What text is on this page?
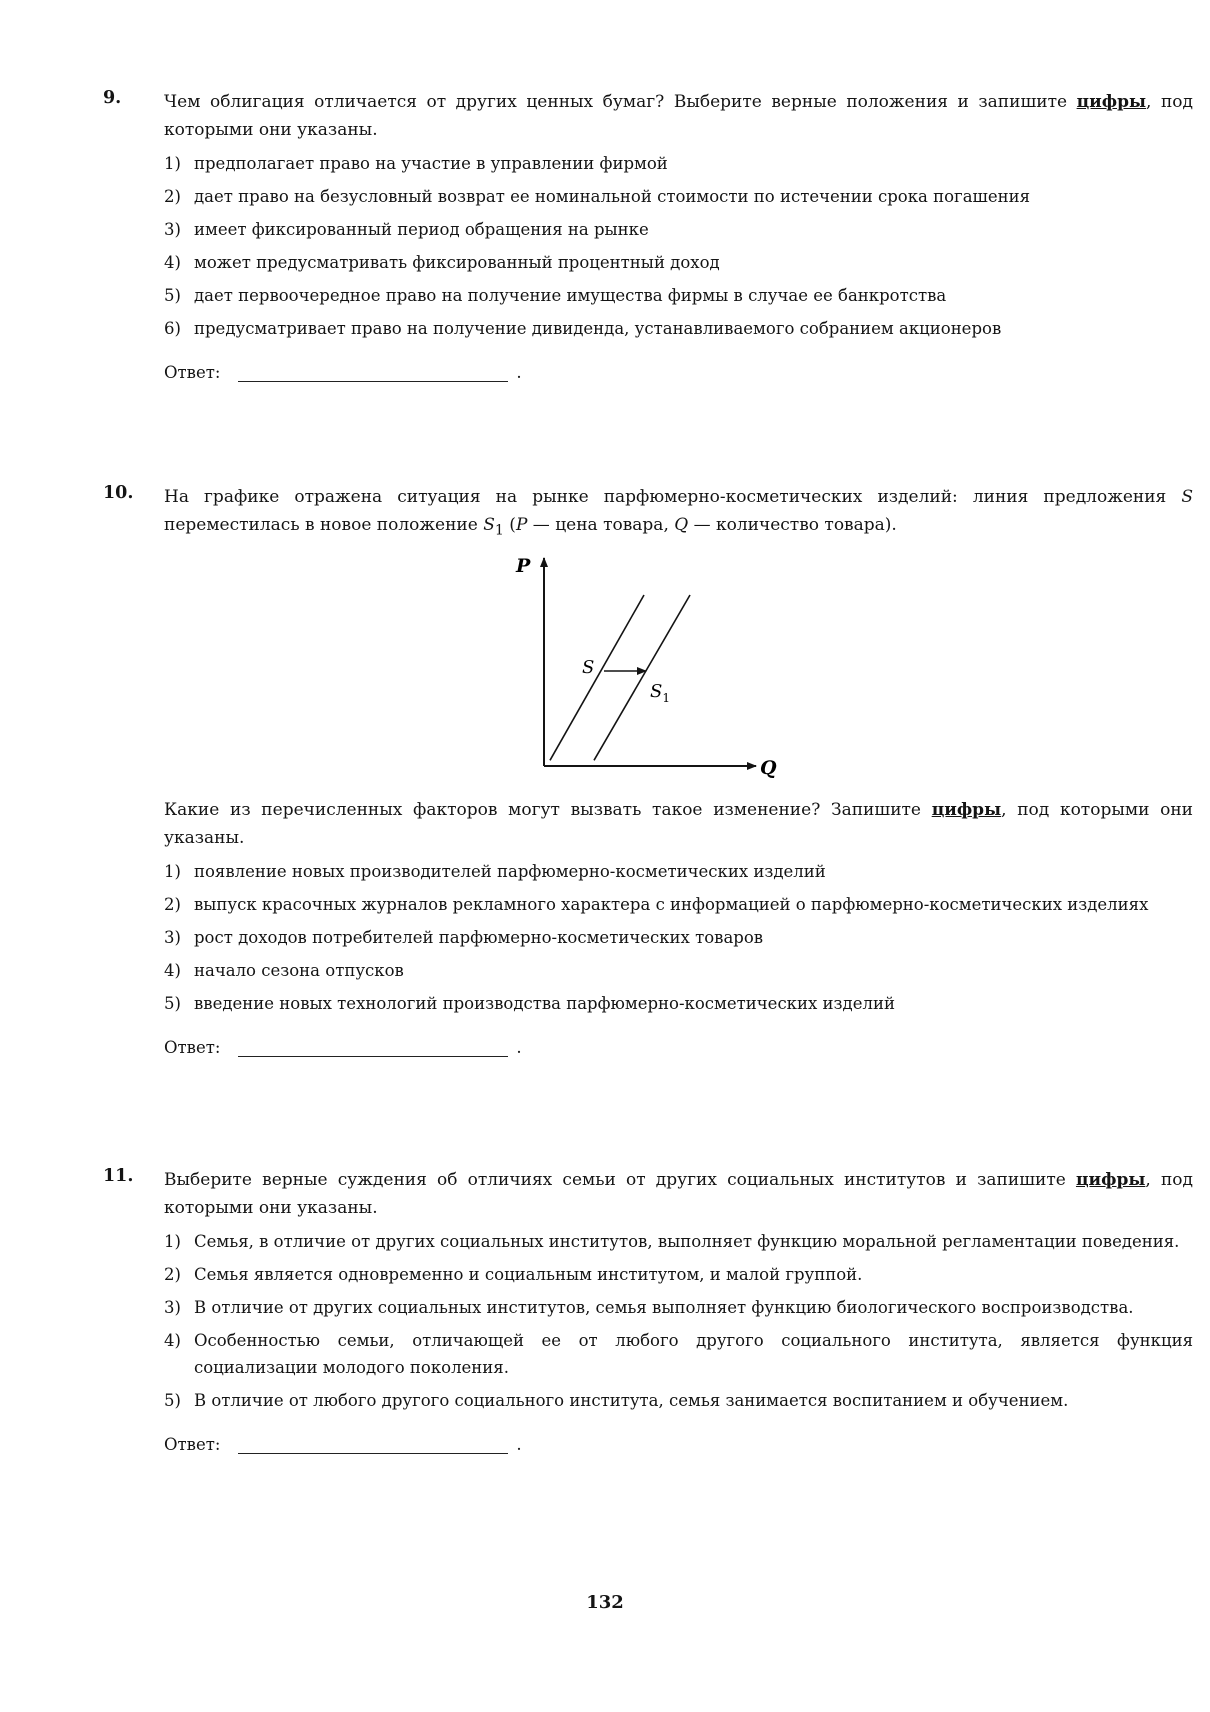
9.	Чем облигация отличается от других ценных бумаг? Выберите верные положения и запишите цифры, под которыми они указаны.
1) предполагает право на участие в управлении фирмой
2) дает право на безусловный возврат ее номинальной стоимости по истечении срока погашения
3) имеет фиксированный период обращения на рынке
4) может предусматривать фиксированный процентный доход
5) дает первоочередное право на получение имущества фирмы в случае ее банкротства
6) предусматривает право на получение дивиденда, устанавливаемого собранием акционеров
Ответ:	.
10. На графике отражена ситуация на рынке парфюмерно-косметических изделий: линия предложения S переместилась в новое положение $S_1$ (P — цена товара, Q — количество товара).
P
Q
S
$S_1$
Какие из перечисленных факторов могут вызвать такое изменение? Запишите цифры, под которыми они указаны.
1) появление новых производителей парфюмерно-косметических изделий
2) выпуск красочных журналов рекламного характера с информацией о парфюмерно-косметических изделиях
3) рост доходов потребителей парфюмерно-косметических товаров
4) начало сезона отпусков
5) введение новых технологий производства парфюмерно-косметических изделий
Ответ:	.
11. Выберите верные суждения об отличиях семьи от других социальных институтов и запишите цифры, под которыми они указаны.
1) Семья, в отличие от других социальных институтов, выполняет функцию моральной регламентации поведения.
2) Семья является одновременно и социальным институтом, и малой группой.
3) В отличие от других социальных институтов, семья выполняет функцию биологического воспроизводства.
4) Особенностью семьи, отличающей ее от любого другого социального института, является функция социализации молодого поколения.
5) В отличие от любого другого социального института, семья занимается воспитанием и обучением.
Ответ:	.
132
